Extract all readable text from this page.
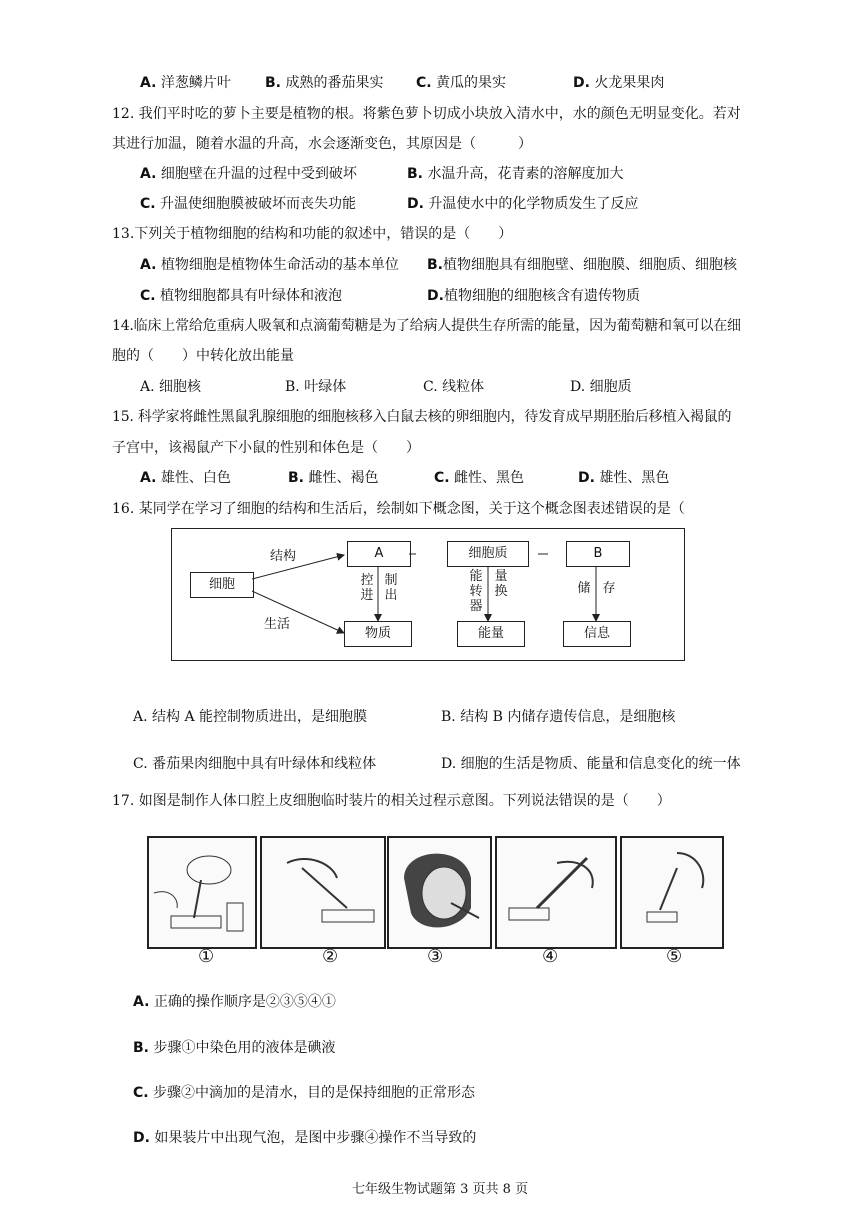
A. 洋葱鳞片叶 B. 成熟的番茄果实 C. 黄瓜的果实	D. 火龙果果肉
12. 我们平时吃的萝卜主要是植物的根。将紫色萝卜切成小块放入清水中，水的颜色无明显变化。若对
其进行加温，随着水温的升高，水会逐渐变色，其原因是（　　　）
A. 细胞壁在升温的过程中受到破坏	B. 水温升高，花青素的溶解度加大
C. 升温使细胞膜被破坏而丧失功能	D. 升温使水中的化学物质发生了反应
13.下列关于植物细胞的结构和功能的叙述中，错误的是（　　）
A. 植物细胞是植物体生命活动的基本单位 B.植物细胞具有细胞壁、细胞膜、细胞质、细胞核
C. 植物细胞都具有叶绿体和液泡	D.植物细胞的细胞核含有遗传物质
14.临床上常给危重病人吸氧和点滴葡萄糖是为了给病人提供生存所需的能量，因为葡萄糖和氧可以在细
胞的（　　）中转化放出能量
A. 细胞核	B. 叶绿体	C. 线粒体	D. 细胞质
15. 科学家将雌性黑鼠乳腺细胞的细胞核移入白鼠去核的卵细胞内，待发育成早期胚胎后移植入褐鼠的
子宫中，该褐鼠产下小鼠的性别和体色是（　　）
A. 雄性、白色	B. 雌性、褐色	C. 雌性、黑色	D. 雄性、黑色
16. 某同学在学习了细胞的结构和生活后，绘制如下概念图，关于这个概念图表述错误的是（
细胞
结构
生活
A	细胞质	B
物质	能量	信息
控进
制出
能转器
量换	储 存
A. 结构 A 能控制物质进出，是细胞膜	B. 结构 B 内储存遗传信息，是细胞核
C. 番茄果肉细胞中具有叶绿体和线粒体	D. 细胞的生活是物质、能量和信息变化的统一体
17. 如图是制作人体口腔上皮细胞临时装片的相关过程示意图。下列说法错误的是（　　）
①	②	③	④	⑤
A. 正确的操作顺序是②③⑤④①
B. 步骤①中染色用的液体是碘液
C. 步骤②中滴加的是清水，目的是保持细胞的正常形态
D. 如果装片中出现气泡，是图中步骤④操作不当导致的
七年级生物试题第 3 页共 8 页
